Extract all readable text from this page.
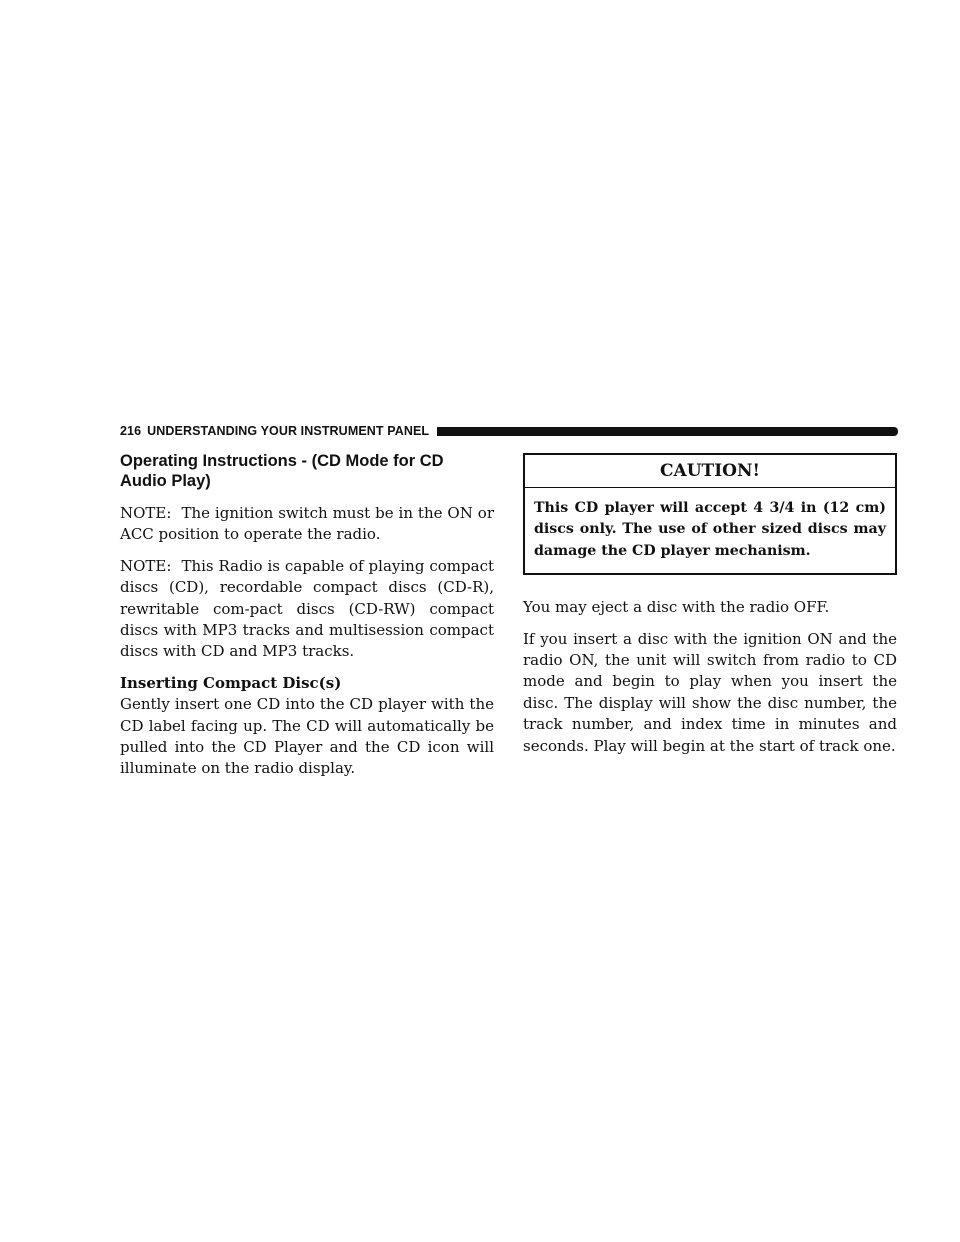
216 UNDERSTANDING YOUR INSTRUMENT PANEL
Operating Instructions - (CD Mode for CD Audio Play)

NOTE: The ignition switch must be in the ON or ACC position to operate the radio.

NOTE: This Radio is capable of playing compact discs (CD), recordable compact discs (CD-R), rewritable com-pact discs (CD-RW) compact discs with MP3 tracks and multisession compact discs with CD and MP3 tracks.

Inserting Compact Disc(s)

Gently insert one CD into the CD player with the CD label facing up. The CD will automatically be pulled into the CD Player and the CD icon will illuminate on the radio display.

CAUTION!

This CD player will accept 4 3/4 in (12 cm) discs only. The use of other sized discs may damage the CD player mechanism.

You may eject a disc with the radio OFF.

If you insert a disc with the ignition ON and the radio ON, the unit will switch from radio to CD mode and begin to play when you insert the disc. The display will show the disc number, the track number, and index time in minutes and seconds. Play will begin at the start of track one.
